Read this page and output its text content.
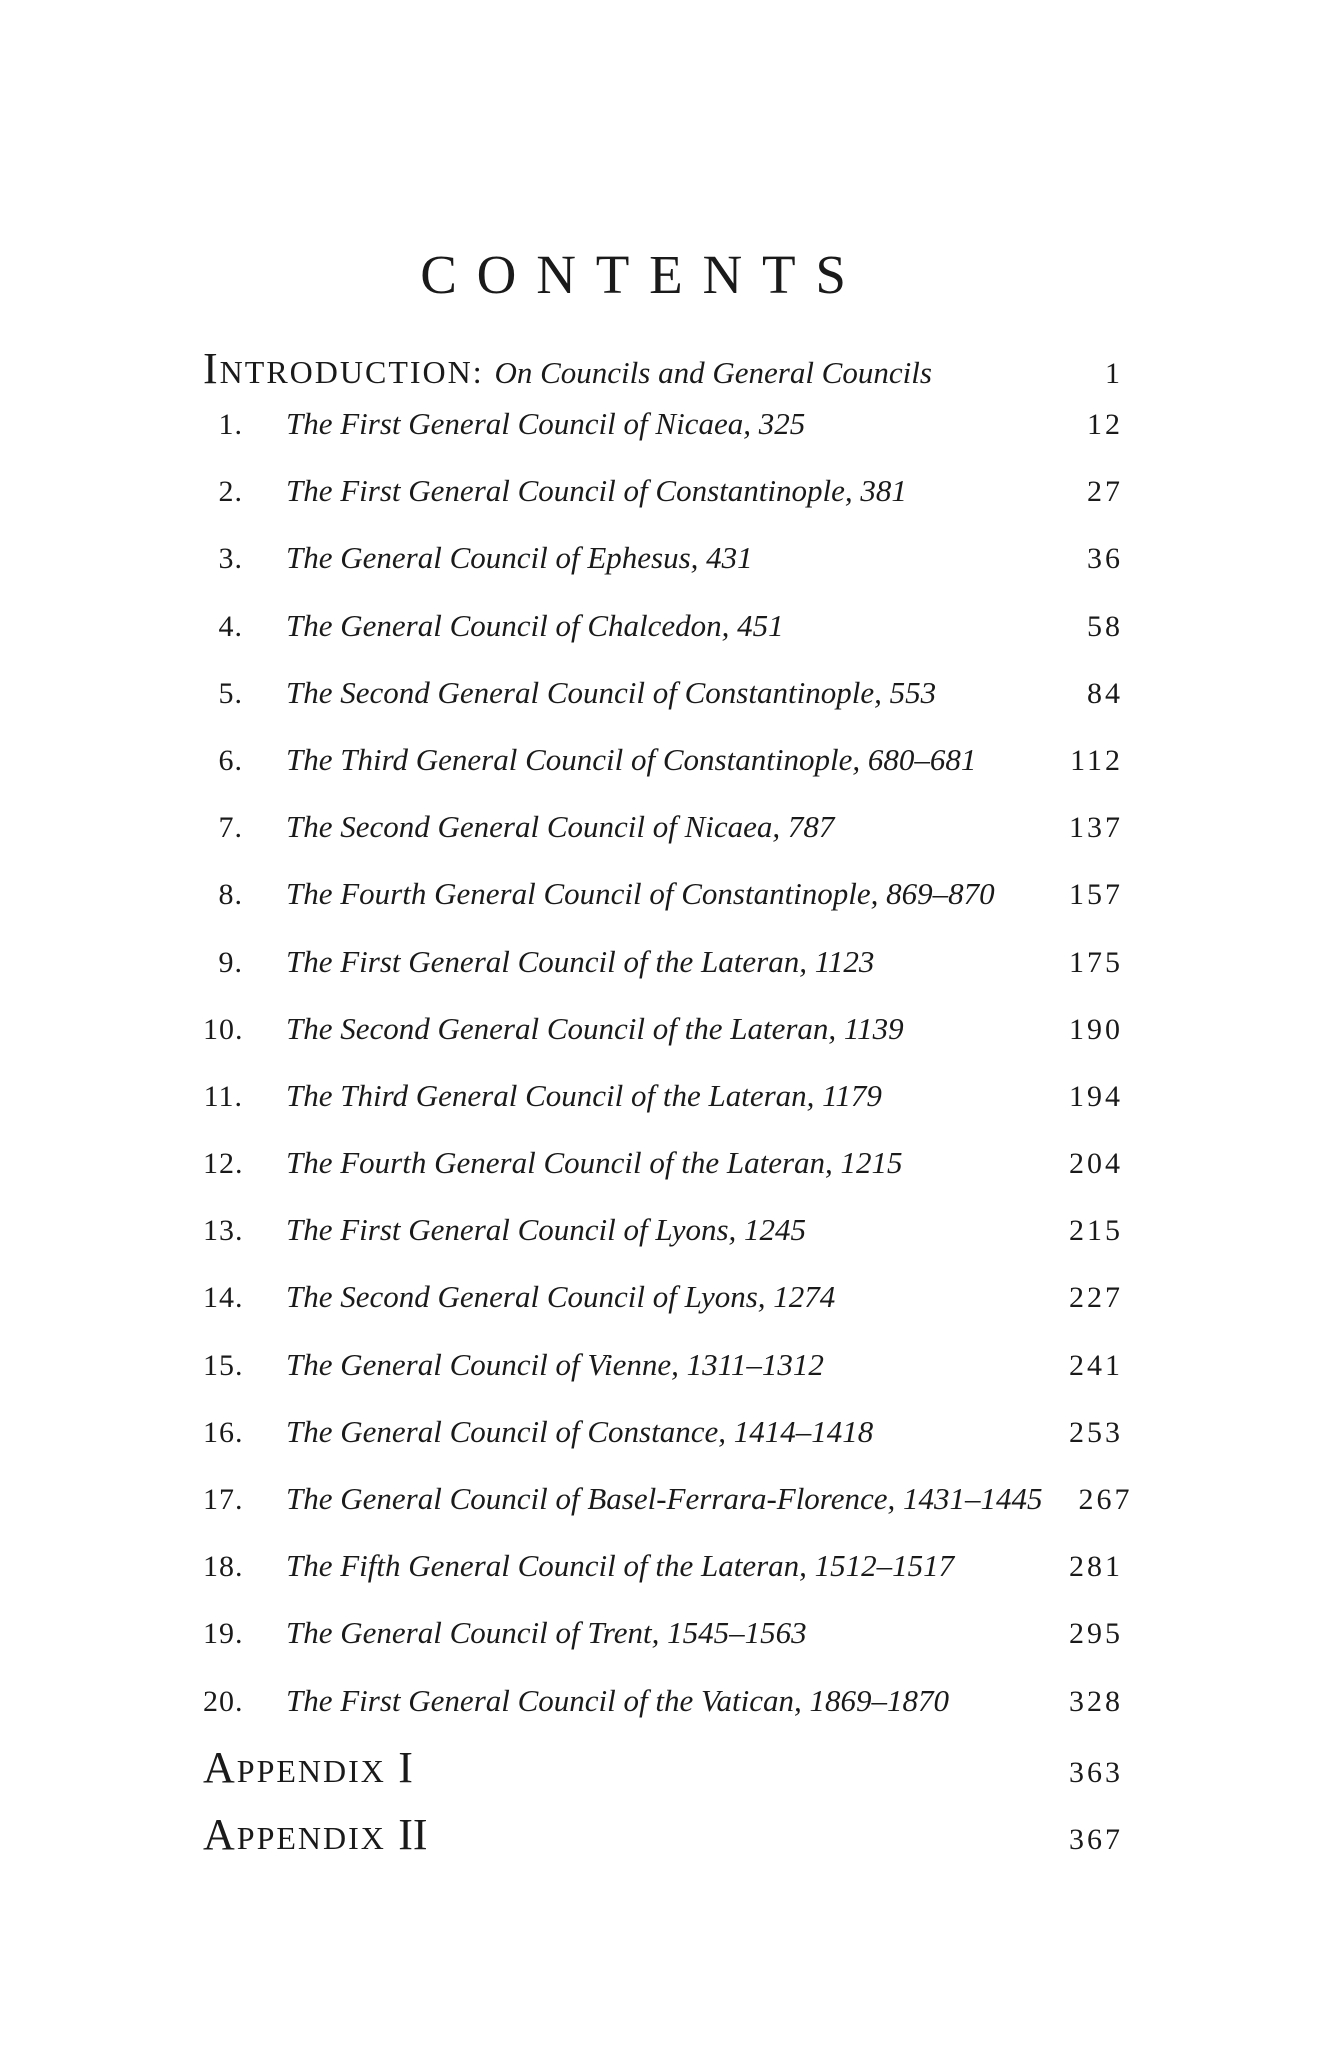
CONTENTS
INTRODUCTION: On Councils and General Councils	1
1. The First General Council of Nicaea, 325	12
2. The First General Council of Constantinople, 381	27
3. The General Council of Ephesus, 431	36
4. The General Council of Chalcedon, 451	58
5. The Second General Council of Constantinople, 553	84
6. The Third General Council of Constantinople, 680–681	112
7. The Second General Council of Nicaea, 787	137
8. The Fourth General Council of Constantinople, 869–870	157
9. The First General Council of the Lateran, 1123	175
10. The Second General Council of the Lateran, 1139	190
11. The Third General Council of the Lateran, 1179	194
12. The Fourth General Council of the Lateran, 1215	204
13. The First General Council of Lyons, 1245	215
14. The Second General Council of Lyons, 1274	227
15. The General Council of Vienne, 1311–1312	241
16. The General Council of Constance, 1414–1418	253
17. The General Council of Basel-Ferrara-Florence, 1431–1445	267
18. The Fifth General Council of the Lateran, 1512–1517	281
19. The General Council of Trent, 1545–1563	295
20. The First General Council of the Vatican, 1869–1870	328
APPENDIX I	363
APPENDIX II	367
